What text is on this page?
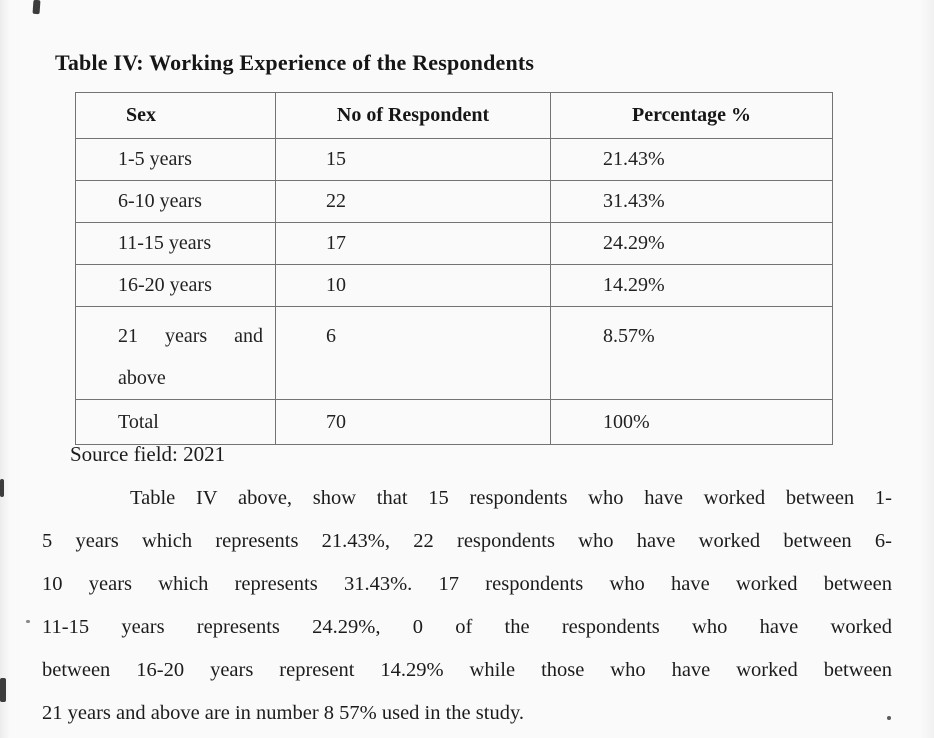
Table IV: Working Experience of the Respondents
Sex	No of Respondent	Percentage %
1-5 years	15	21.43%
6-10 years	22	31.43%
11-15 years	17	24.29%
16-20 years	10	14.29%
21 years and above	6	8.57%
Total	70	100%
Source field: 2021
Table IV above, show that 15 respondents who have worked between 1-
5 years which represents 21.43%, 22 respondents who have worked between 6-
10 years which represents 31.43%. 17 respondents who have worked between
11-15 years represents 24.29%, 0 of the respondents who have worked
between 16-20 years represent 14.29% while those who have worked between
21 years and above are in number 8 57% used in the study.
